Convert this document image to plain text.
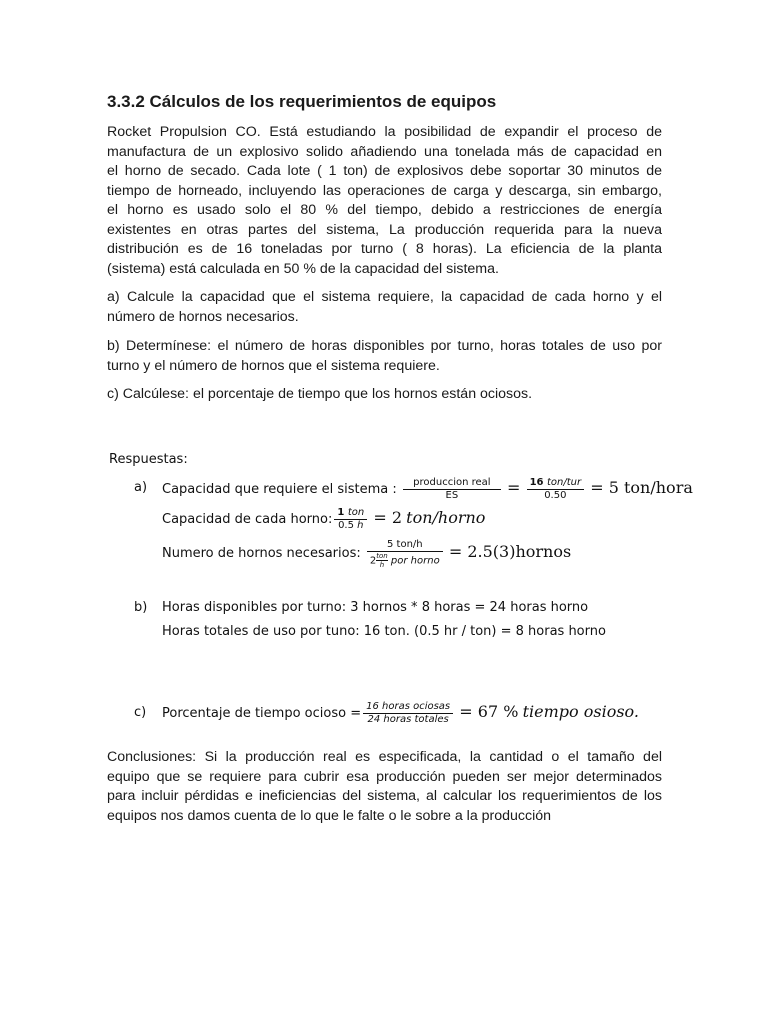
3.3.2 Cálculos de los requerimientos de equipos
Rocket Propulsion CO. Está estudiando la posibilidad de expandir el proceso de
manufactura de un explosivo solido añadiendo una tonelada más de capacidad en
el horno de secado. Cada lote ( 1 ton) de explosivos debe soportar 30 minutos de
tiempo de horneado, incluyendo las operaciones de carga y descarga, sin embargo,
el horno es usado solo el 80 % del tiempo, debido a restricciones de energía
existentes en otras partes del sistema, La producción requerida para la nueva
distribución es de 16 toneladas por turno ( 8 horas). La eficiencia de la planta
(sistema) está calculada en 50 % de la capacidad del sistema.
a) Calcule la capacidad que el sistema requiere, la capacidad de cada horno y el
número de hornos necesarios.
b) Determínese: el número de horas disponibles por turno, horas totales de uso por
turno y el número de hornos que el sistema requiere.
c) Calcúlese: el porcentaje de tiempo que los hornos están ociosos.
Respuestas:
a) Capacidad que requiere el sistema : $\frac{\text{produccion real}}{ES} = \frac{\text{16 ton/tur}}{0.50} = 5$ ton/hora
Capacidad de cada horno: $\frac{\text{1 ton}}{0.5 h} = 2$ ton/horno
Numero de hornos necesarios: 5 ton/h
2 ton
h por horno = 2.5(3)hornos
b) Horas disponibles por turno: 3 hornos * 8 horas = 24 horas horno
Horas totales de uso por tuno: 16 ton. (0.5 hr / ton) = 8 horas horno
c) Porcentaje de tiempo ocioso = $\frac{\text{16 horas ociosas}}{\text{24 horas totales}} = 67$ % tiempo osioso.
Conclusiones: Si la producción real es especificada, la cantidad o el tamaño del
equipo que se requiere para cubrir esa producción pueden ser mejor determinados
para incluir pérdidas e ineficiencias del sistema, al calcular los requerimientos de los
equipos nos damos cuenta de lo que le falte o le sobre a la producción
